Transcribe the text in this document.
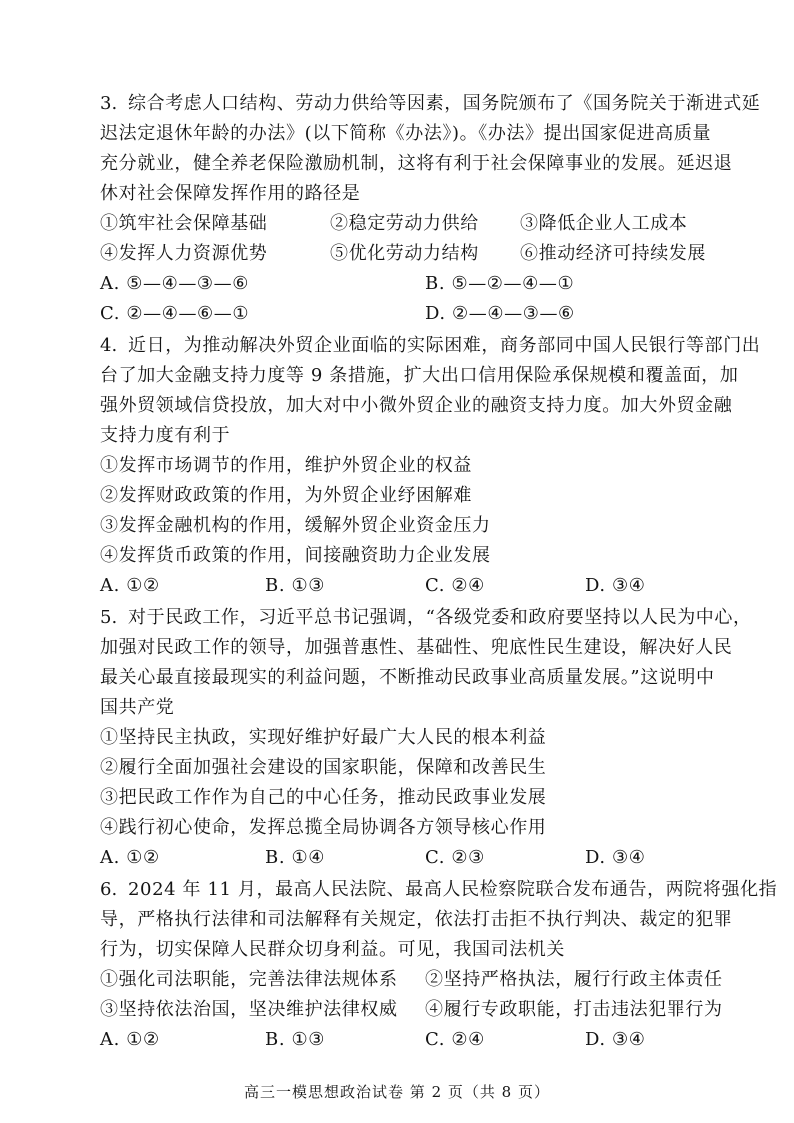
3. 综合考虑人口结构、劳动力供给等因素，国务院颁布了《国务院关于渐进式延
迟法定退休年龄的办法》(以下简称《办法》)。《办法》提出国家促进高质量
充分就业，健全养老保险激励机制，这将有利于社会保障事业的发展。延迟退
休对社会保障发挥作用的路径是
①筑牢社会保障基础	②稳定劳动力供给 ③降低企业人工成本
④发挥人力资源优势	⑤优化劳动力结构 ⑥推动经济可持续发展
A. ⑤—④—③—⑥	B. ⑤—②—④—①
C. ②—④—⑥—①	D. ②—④—③—⑥
4. 近日，为推动解决外贸企业面临的实际困难，商务部同中国人民银行等部门出
台了加大金融支持力度等 9 条措施，扩大出口信用保险承保规模和覆盖面，加
强外贸领域信贷投放，加大对中小微外贸企业的融资支持力度。加大外贸金融
支持力度有利于
①发挥市场调节的作用，维护外贸企业的权益
②发挥财政政策的作用，为外贸企业纾困解难
③发挥金融机构的作用，缓解外贸企业资金压力
④发挥货币政策的作用，间接融资助力企业发展
A. ①②	B. ①③	C. ②④	D. ③④
5. 对于民政工作，习近平总书记强调，“各级党委和政府要坚持以人民为中心，
加强对民政工作的领导，加强普惠性、基础性、兜底性民生建设，解决好人民
最关心最直接最现实的利益问题，不断推动民政事业高质量发展。”这说明中
国共产党
①坚持民主执政，实现好维护好最广大人民的根本利益
②履行全面加强社会建设的国家职能，保障和改善民生
③把民政工作作为自己的中心任务，推动民政事业发展
④践行初心使命，发挥总揽全局协调各方领导核心作用
A. ①②	B. ①④	C. ②③	D. ③④
6. 2024 年 11 月，最高人民法院、最高人民检察院联合发布通告，两院将强化指
导，严格执行法律和司法解释有关规定，依法打击拒不执行判决、裁定的犯罪
行为，切实保障人民群众切身利益。可见，我国司法机关
①强化司法职能，完善法律法规体系 ②坚持严格执法，履行行政主体责任
③坚持依法治国，坚决维护法律权威 ④履行专政职能，打击违法犯罪行为
A. ①②	B. ①③	C. ②④	D. ③④
高三一模思想政治试卷 第 2 页（共 8 页）
